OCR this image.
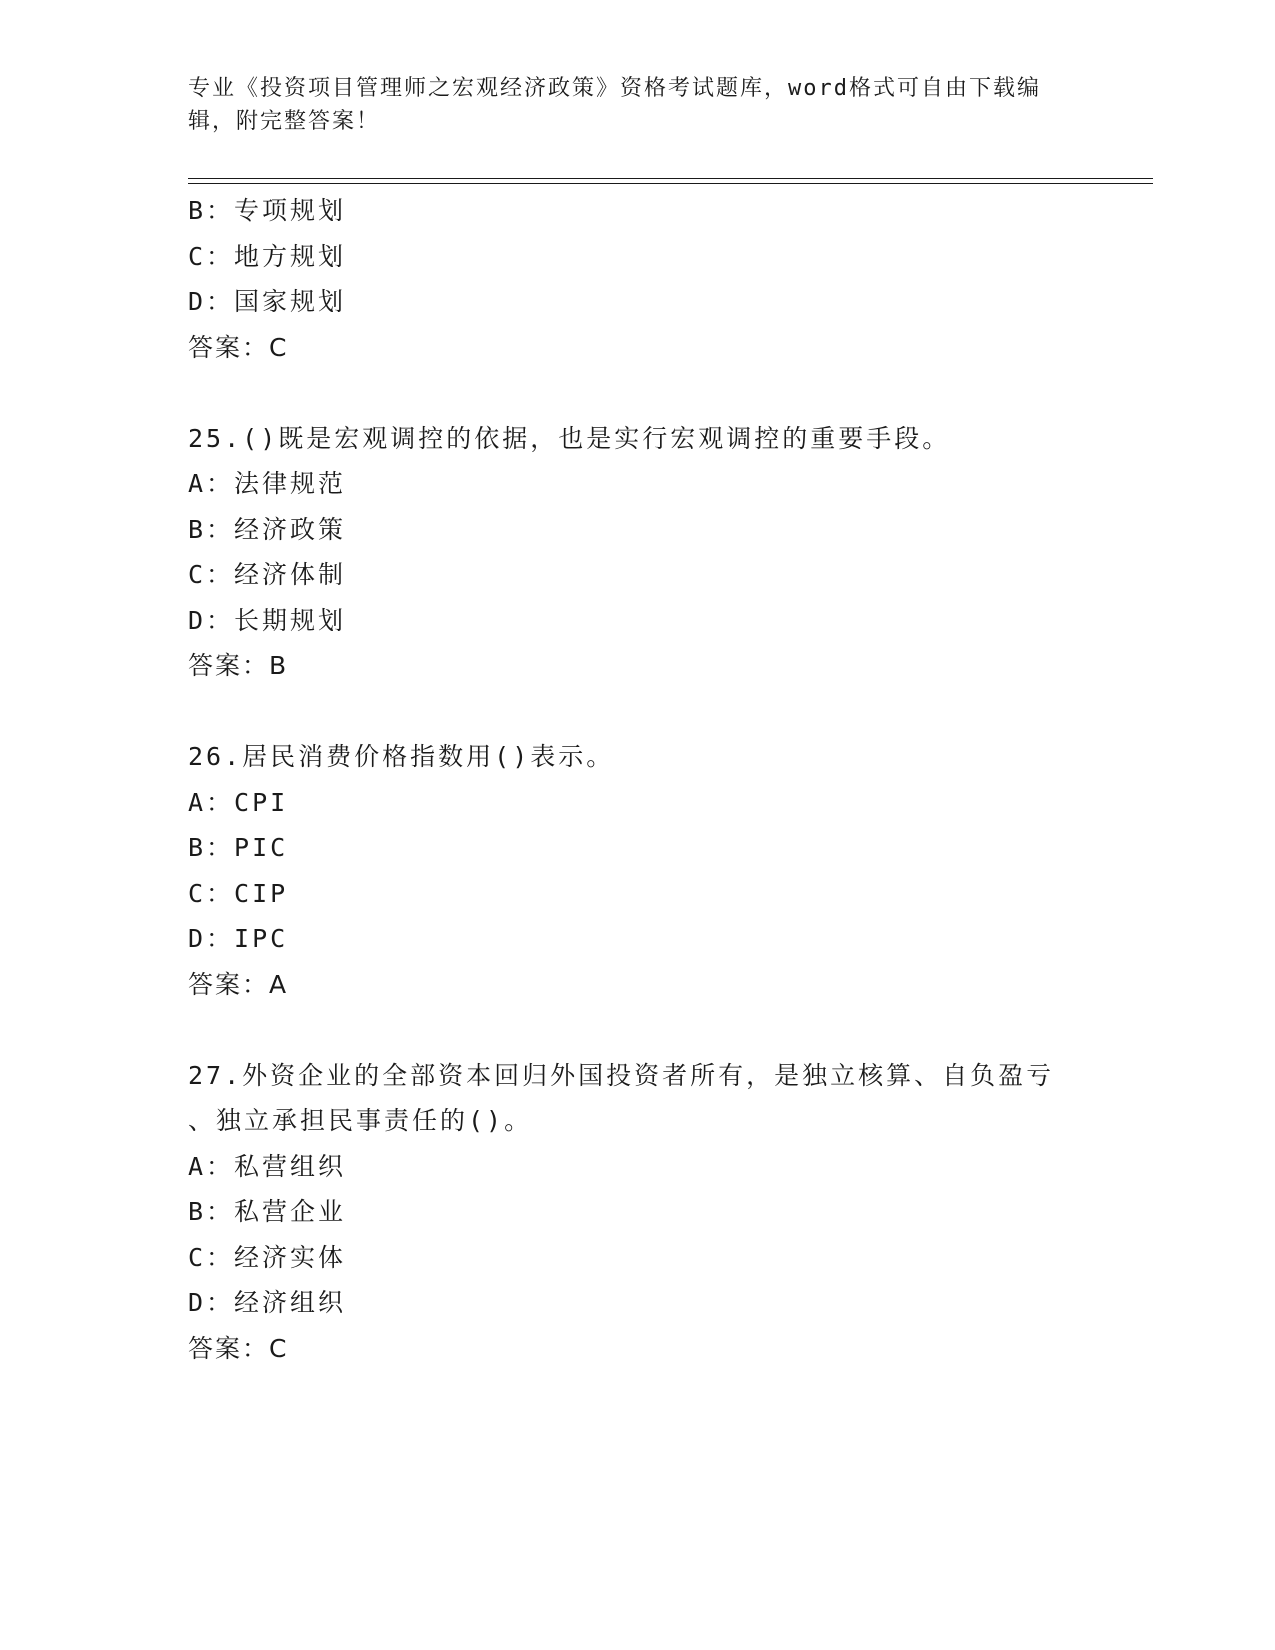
专业《投资项目管理师之宏观经济政策》资格考试题库，word格式可自由下载编辑，附完整答案！
B：专项规划
C：地方规划
D：国家规划
答案：C
25.()既是宏观调控的依据，也是实行宏观调控的重要手段。
A：法律规范
B：经济政策
C：经济体制
D：长期规划
答案：B
26.居民消费价格指数用()表示。
A：CPI
B：PIC
C：CIP
D：IPC
答案：A
27.外资企业的全部资本回归外国投资者所有，是独立核算、自负盈亏
、独立承担民事责任的()。
A：私营组织
B：私营企业
C：经济实体
D：经济组织
答案：C
